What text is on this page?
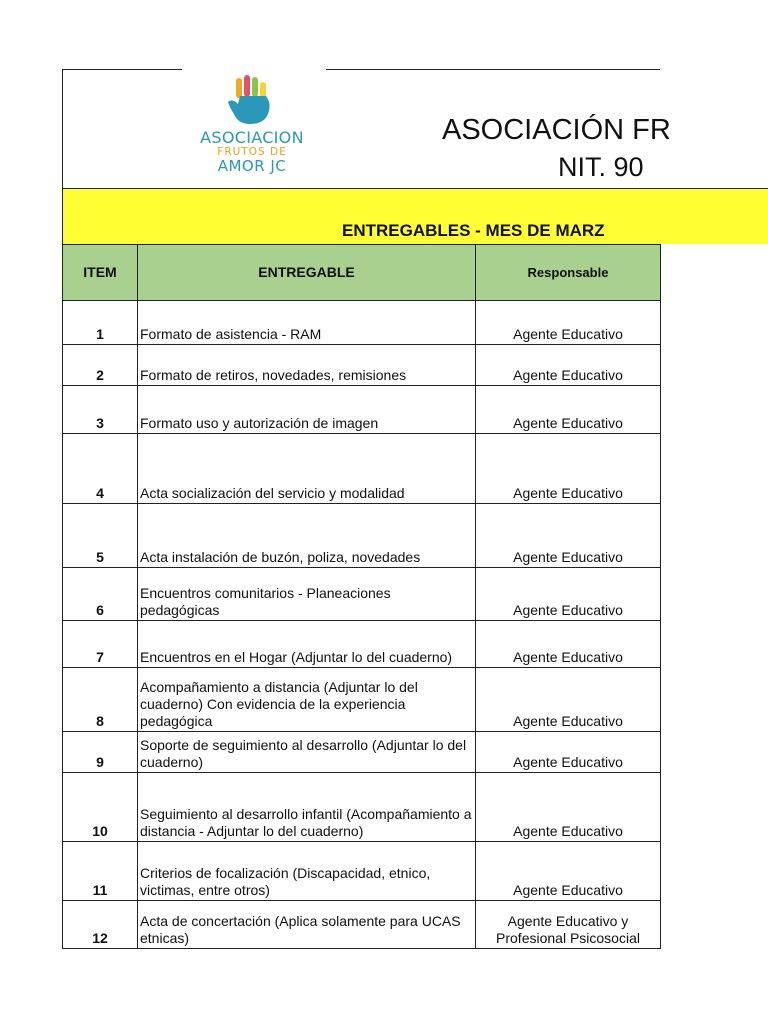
ASOCIACION
FRUTOS DE
AMOR JC
ASOCIACIÓN FR
NIT. 90
ENTREGABLES - MES DE MARZ
ITEM	ENTREGABLE	Responsable
1	Formato de asistencia - RAM	Agente Educativo
2	Formato de retiros, novedades, remisiones	Agente Educativo
3	Formato uso y autorización de imagen	Agente Educativo
4	Acta socialización del servicio y modalidad	Agente Educativo
5	Acta instalación de buzón, poliza, novedades	Agente Educativo
6	Encuentros comunitarios - Planeaciones pedagógicas	Agente Educativo
7	Encuentros en el Hogar (Adjuntar lo del cuaderno)	Agente Educativo
8	Acompañamiento a distancia (Adjuntar lo del cuaderno) Con evidencia de la experiencia pedagógica	Agente Educativo
9	Soporte de seguimiento al desarrollo (Adjuntar lo del cuaderno)	Agente Educativo
10	Seguimiento al desarrollo infantil (Acompañamiento a distancia - Adjuntar lo del cuaderno)	Agente Educativo
11	Criterios de focalización (Discapacidad, etnico, victimas, entre otros)	Agente Educativo
12	Acta de concertación (Aplica solamente para UCAS etnicas)	Agente Educativo y Profesional Psicosocial
